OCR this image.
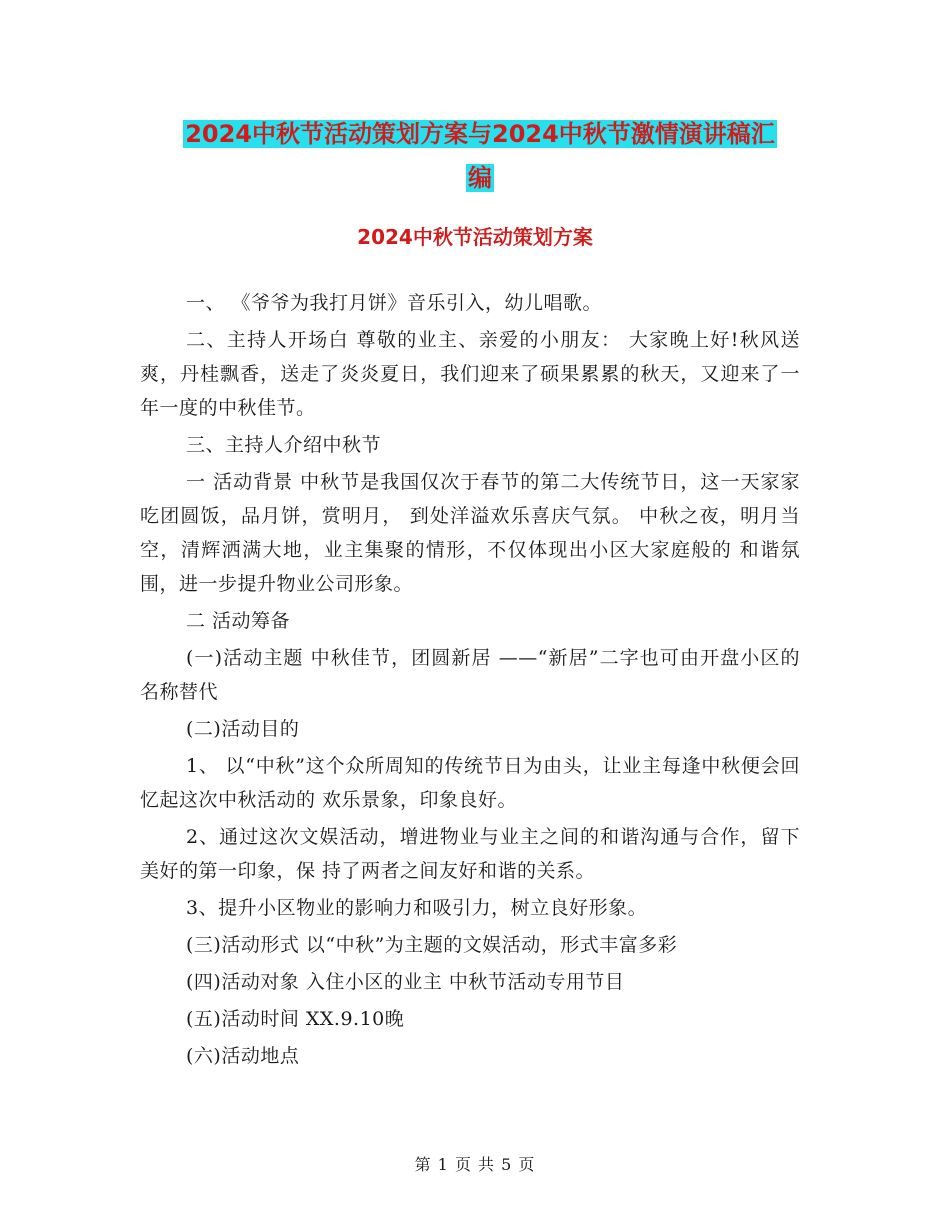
2024中秋节活动策划方案与2024中秋节激情演讲稿汇
编
2024中秋节活动策划方案

一、 《爷爷为我打月饼》音乐引入，幼儿唱歌。

二、主持人开场白 尊敬的业主、亲爱的小朋友： 大家晚上好!秋风送爽，丹桂飘香，送走了炎炎夏日，我们迎来了硕果累累的秋天，又迎来了一年一度的中秋佳节。

三、主持人介绍中秋节

一 活动背景 中秋节是我国仅次于春节的第二大传统节日，这一天家家吃团圆饭，品月饼，赏明月， 到处洋溢欢乐喜庆气氛。 中秋之夜，明月当空，清辉洒满大地，业主集聚的情形，不仅体现出小区大家庭般的 和谐氛围，进一步提升物业公司形象。

二 活动筹备

(一)活动主题 中秋佳节，团圆新居 ——“新居”二字也可由开盘小区的名称替代

(二)活动目的

1、 以“中秋”这个众所周知的传统节日为由头，让业主每逢中秋便会回忆起这次中秋活动的 欢乐景象，印象良好。

2、通过这次文娱活动，增进物业与业主之间的和谐沟通与合作，留下美好的第一印象，保 持了两者之间友好和谐的关系。

3、提升小区物业的影响力和吸引力，树立良好形象。

(三)活动形式 以“中秋”为主题的文娱活动，形式丰富多彩

(四)活动对象 入住小区的业主 中秋节活动专用节目

(五)活动时间 XX.9.10晚

(六)活动地点

第 1 页 共 5 页
